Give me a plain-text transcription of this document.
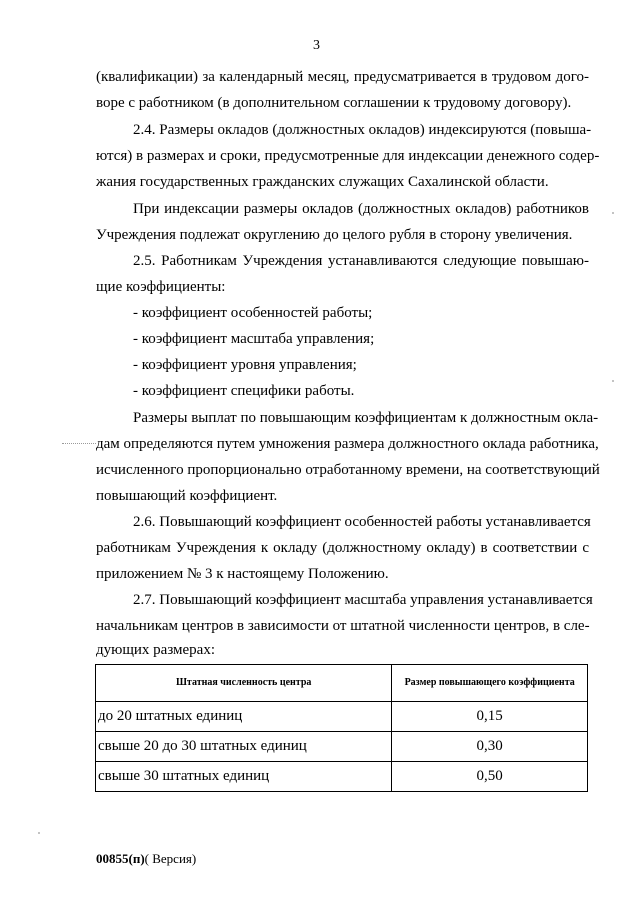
3
(квалификации) за календарный месяц, предусматривается в трудовом дого-
воре с работником (в дополнительном соглашении к трудовому договору).
2.4. Размеры окладов (должностных окладов) индексируются (повыша-
ются) в размерах и сроки, предусмотренные для индексации денежного содер-
жания государственных гражданских служащих Сахалинской области.
При индексации размеры окладов (должностных окладов) работников
Учреждения подлежат округлению до целого рубля в сторону увеличения.
2.5. Работникам Учреждения устанавливаются следующие повышаю-
щие коэффициенты:
- коэффициент особенностей работы;
- коэффициент масштаба управления;
- коэффициент уровня управления;
- коэффициент специфики работы.
Размеры выплат по повышающим коэффициентам к должностным окла-
дам определяются путем умножения размера должностного оклада работника,
исчисленного пропорционально отработанному времени, на соответствующий
повышающий коэффициент.
2.6. Повышающий коэффициент особенностей работы устанавливается
работникам Учреждения к окладу (должностному окладу) в соответствии с
приложением № 3 к настоящему Положению.
2.7. Повышающий коэффициент масштаба управления устанавливается
начальникам центров в зависимости от штатной численности центров, в сле-
дующих размерах:
Штатная численность центра	Размер повышающего коэффициента
до 20 штатных единиц	0,15
свыше 20 до 30 штатных единиц	0,30
свыше 30 штатных единиц	0,50
00855(п)( Версия)
